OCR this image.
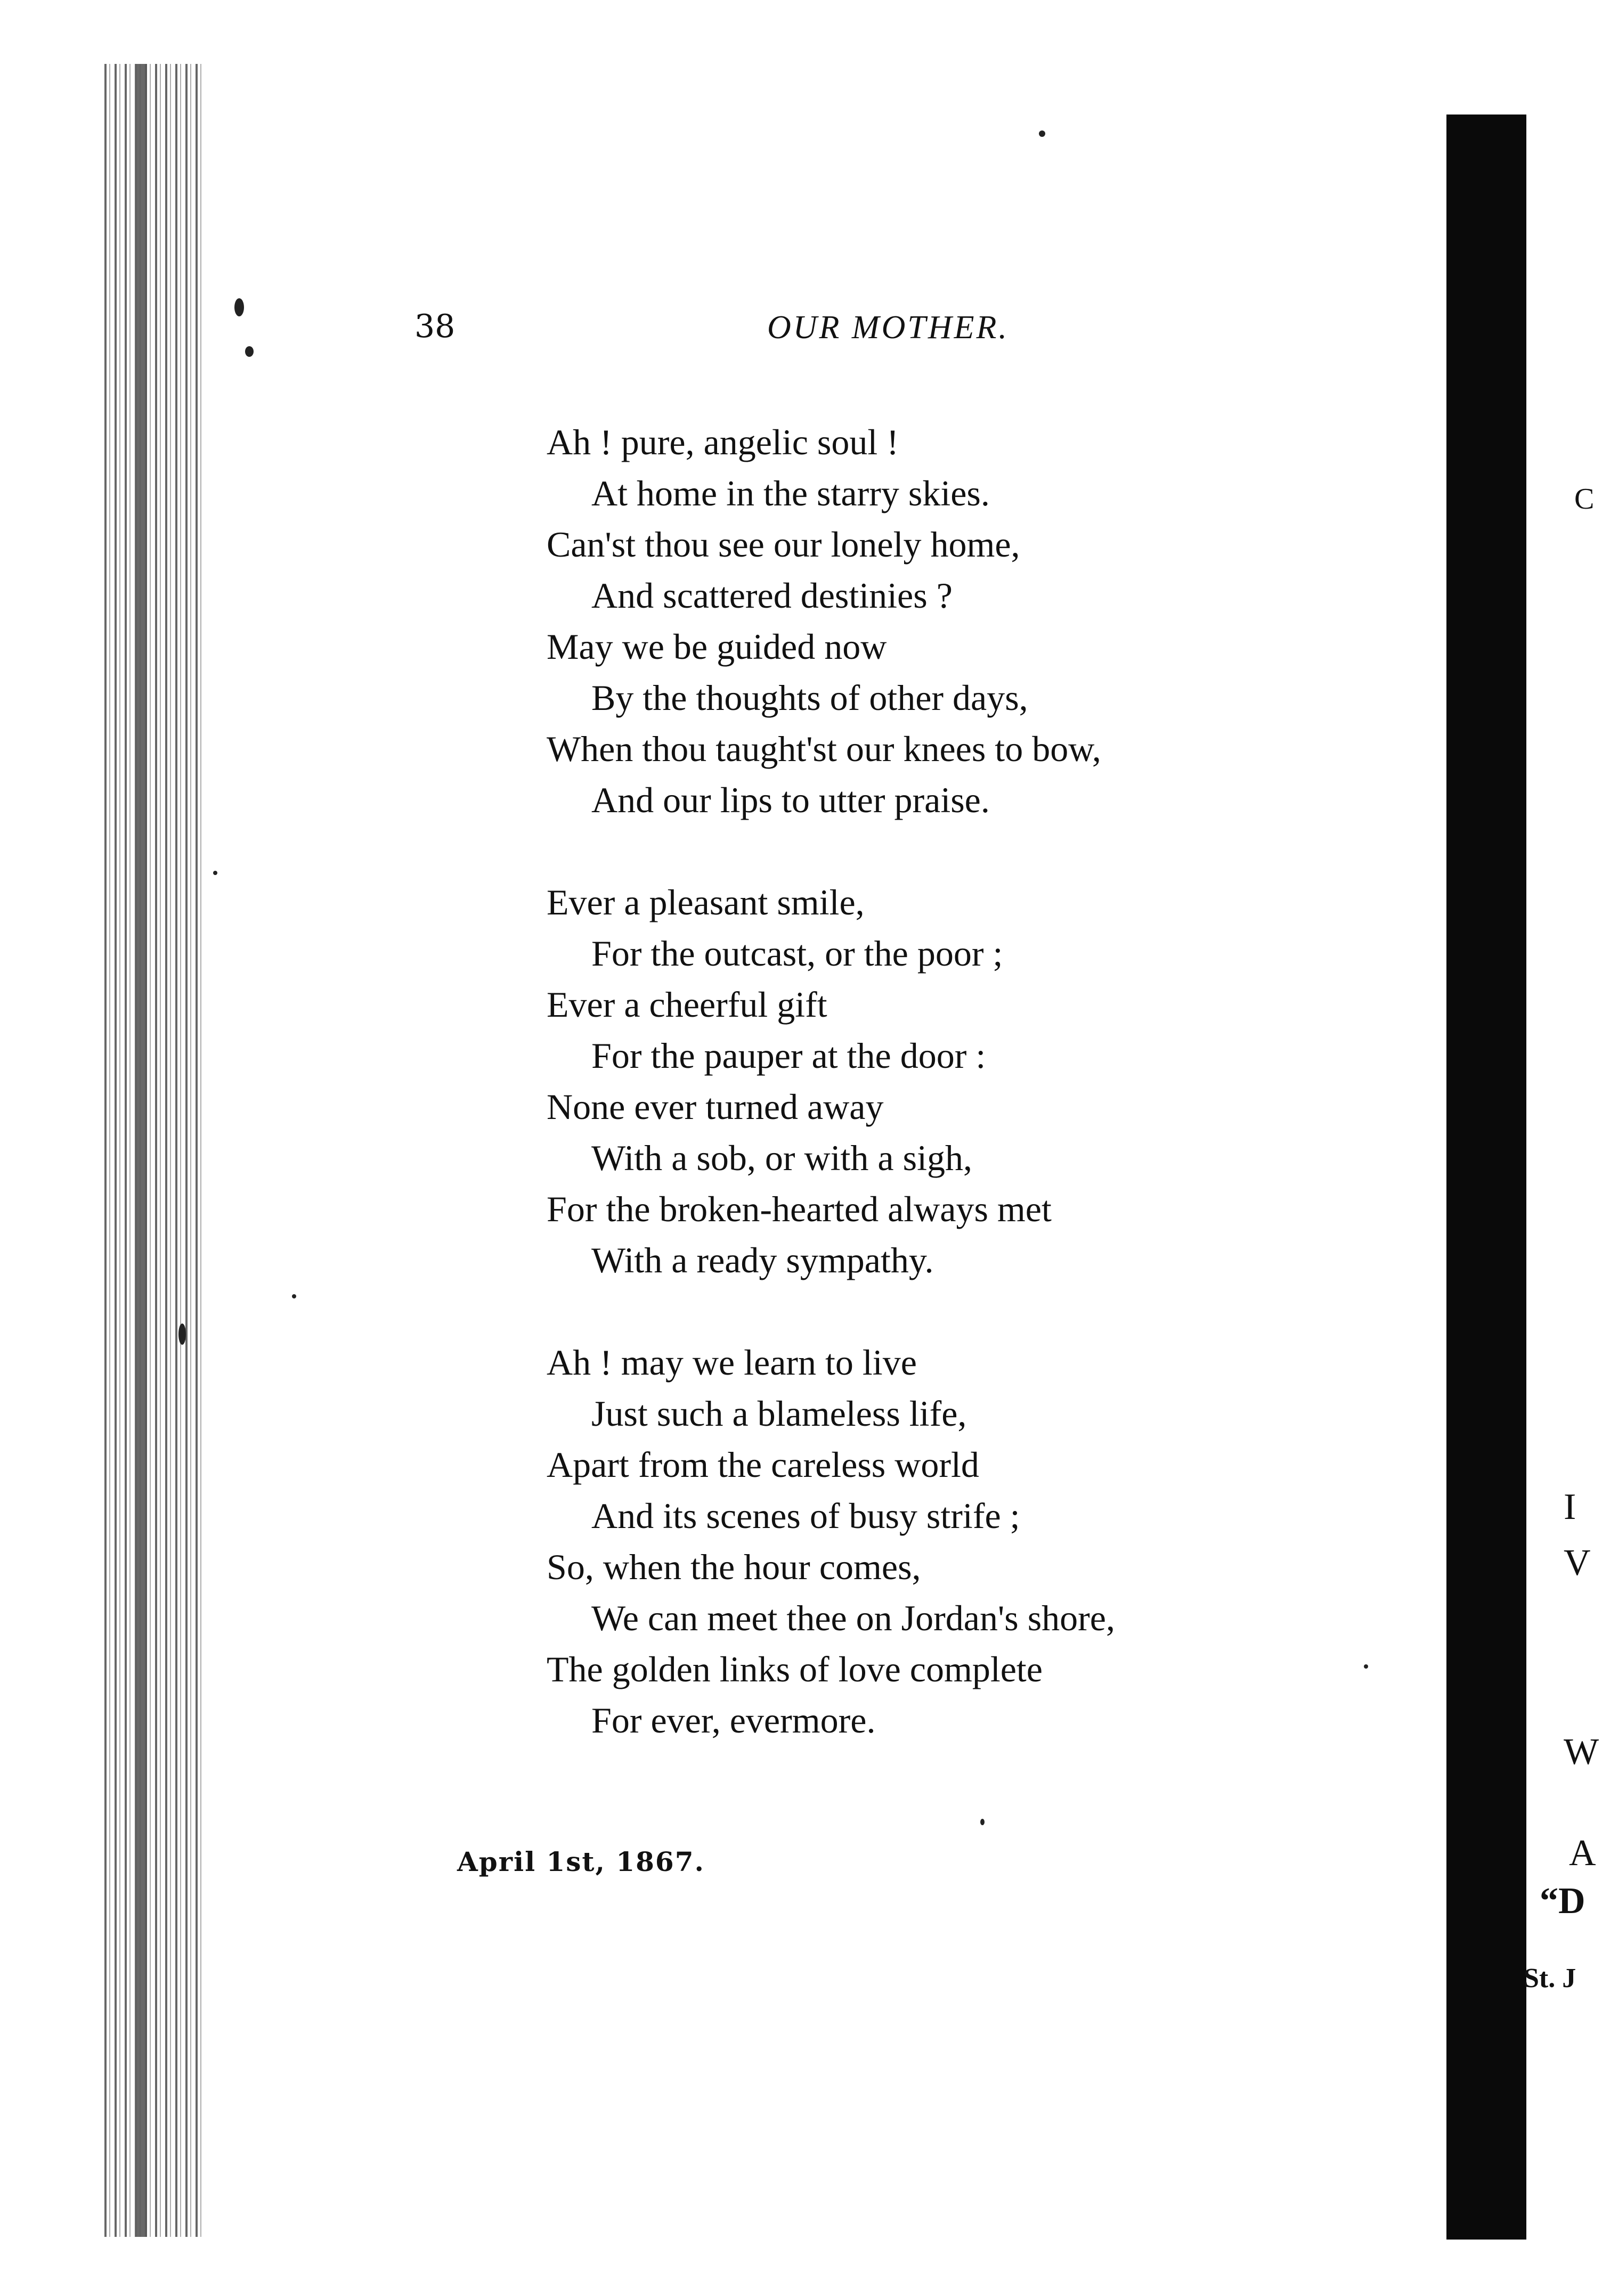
38	OUR MOTHER.
Ah ! pure, angelic soul !
At home in the starry skies.
Can'st thou see our lonely home,
And scattered destinies ?
May we be guided now
By the thoughts of other days,
When thou taught'st our knees to bow,
And our lips to utter praise.
Ever a pleasant smile,
For the outcast, or the poor ;
Ever a cheerful gift
For the pauper at the door :
None ever turned away
With a sob, or with a sigh,
For the broken-hearted always met
With a ready sympathy.
Ah ! may we learn to live
Just such a blameless life,
Apart from the careless world
And its scenes of busy strife ;
So, when the hour comes,
We can meet thee on Jordan's shore,
The golden links of love complete
For ever, evermore.
April 1st, 1867.
C
I
V
W
A
“D
St. J
